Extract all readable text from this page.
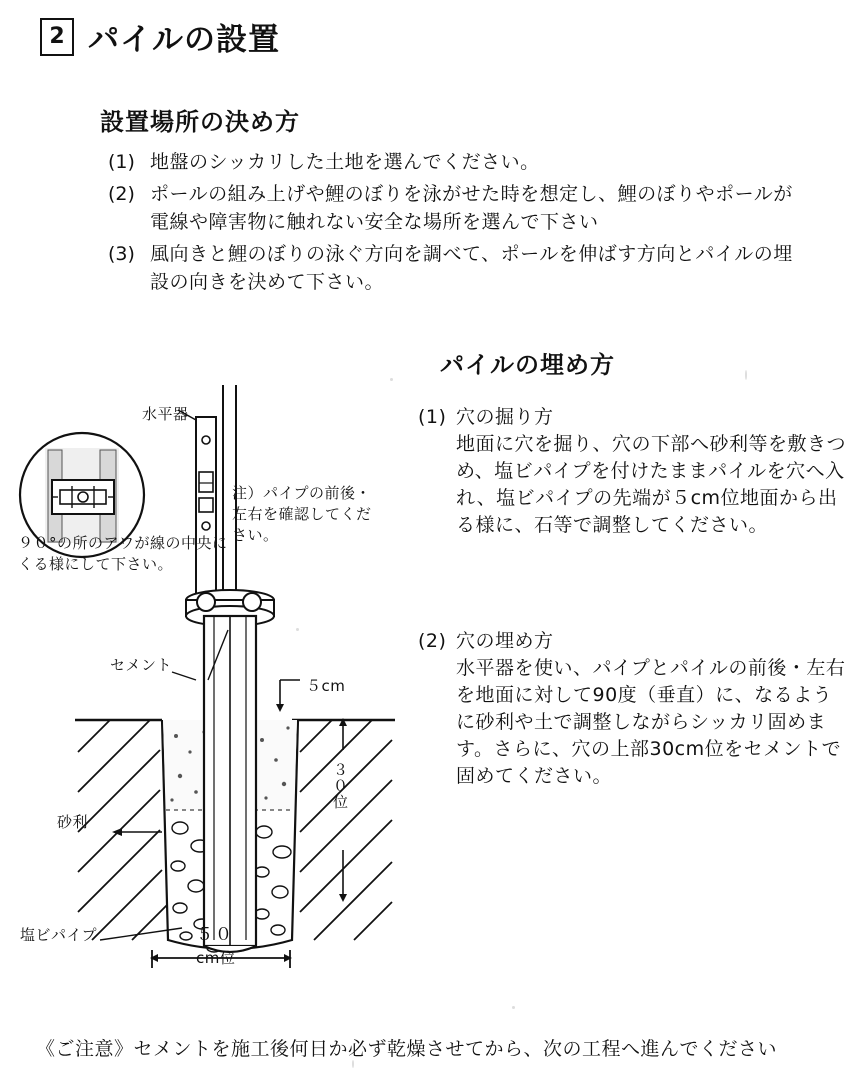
2 パイルの設置
設置場所の決め方
(1) 地盤のシッカリした土地を選んでください。
(2) ポールの組み上げや鯉のぼりを泳がせた時を想定し、鯉のぼりやポールが電線や障害物に触れない安全な場所を選んで下さい
(3) 風向きと鯉のぼりの泳ぐ方向を調べて、ポールを伸ばす方向とパイルの埋設の向きを決めて下さい。
パイルの埋め方
(1) 穴の掘り方
地面に穴を掘り、穴の下部へ砂利等を敷きつめ、塩ビパイプを付けたままパイルを穴へ入れ、塩ビパイプの先端が５cm位地面から出る様に、石等で調整してください。
(2) 穴の埋め方
水平器を使い、パイプとパイルの前後・左右を地面に対して90度（垂直）に、なるように砂利や土で調整しながらシッカリ固めます。さらに、穴の上部30cm位をセメントで固めてください。
水平器
注）パイプの前後・左右を確認してください。
９０°の所のアワが線の中央にくる様にして下さい。
セメント
５cm
砂利
塩ビパイプ	５０
cm位
３０位
《ご注意》セメントを施工後何日か必ず乾燥させてから、次の工程へ進んでください
